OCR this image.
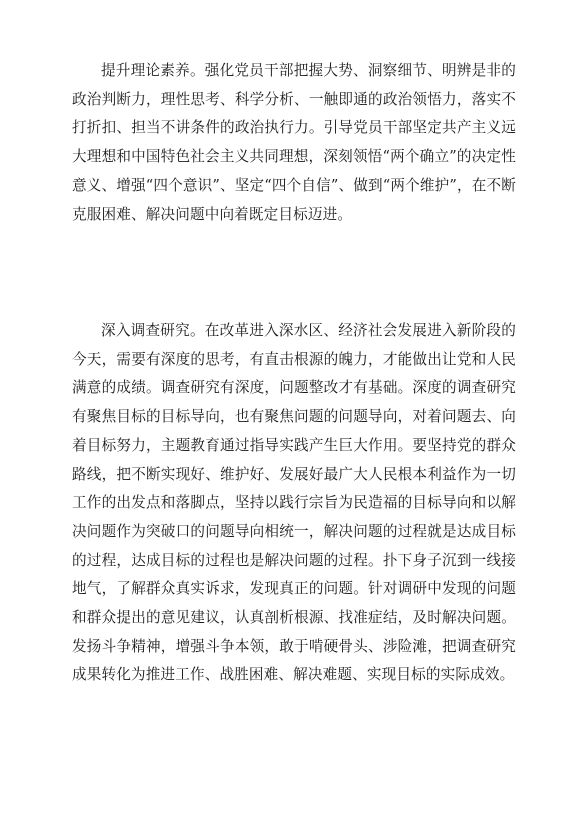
提升理论素养。强化党员干部把握大势、洞察细节、明辨是非的政治判断力，理性思考、科学分析、一触即通的政治领悟力，落实不打折扣、担当不讲条件的政治执行力。引导党员干部坚定共产主义远大理想和中国特色社会主义共同理想，深刻领悟“两个确立”的决定性意义、增强“四个意识”、坚定“四个自信”、做到“两个维护”，在不断克服困难、解决问题中向着既定目标迈进。

深入调查研究。在改革进入深水区、经济社会发展进入新阶段的今天，需要有深度的思考，有直击根源的魄力，才能做出让党和人民满意的成绩。调查研究有深度，问题整改才有基础。深度的调查研究有聚焦目标的目标导向，也有聚焦问题的问题导向，对着问题去、向着目标努力，主题教育通过指导实践产生巨大作用。要坚持党的群众路线，把不断实现好、维护好、发展好最广大人民根本利益作为一切工作的出发点和落脚点，坚持以践行宗旨为民造福的目标导向和以解决问题作为突破口的问题导向相统一，解决问题的过程就是达成目标的过程，达成目标的过程也是解决问题的过程。扑下身子沉到一线接地气，了解群众真实诉求，发现真正的问题。针对调研中发现的问题和群众提出的意见建议，认真剖析根源、找准症结，及时解决问题。发扬斗争精神，增强斗争本领，敢于啃硬骨头、涉险滩，把调查研究成果转化为推进工作、战胜困难、解决难题、实现目标的实际成效。
